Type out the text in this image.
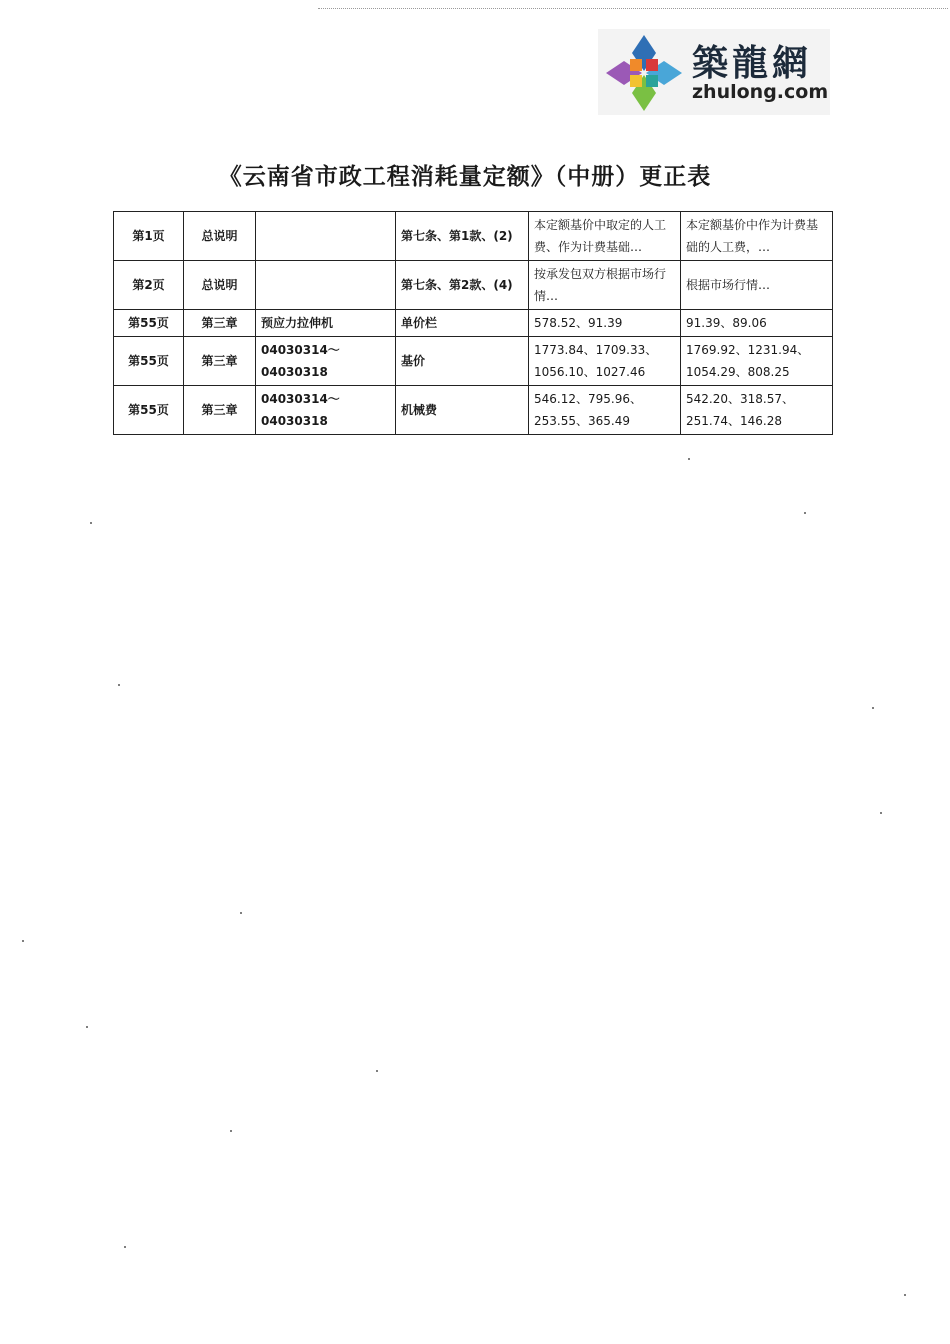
築龍網
zhulong.com
《云南省市政工程消耗量定额》（中册）更正表
第1页	总说明		第七条、第1款、(2)	本定额基价中取定的人工费、作为计费基础…	本定额基价中作为计费基础的人工费，…
第2页	总说明		第七条、第2款、(4)	按承发包双方根据市场行情…	根据市场行情…
第55页	第三章	预应力拉伸机	单价栏	578.52、91.39	91.39、89.06
第55页	第三章	04030314～04030318	基价	1773.84、1709.33、1056.10、1027.46	1769.92、1231.94、1054.29、808.25
第55页	第三章	04030314～04030318	机械费	546.12、795.96、253.55、365.49	542.20、318.57、251.74、146.28
